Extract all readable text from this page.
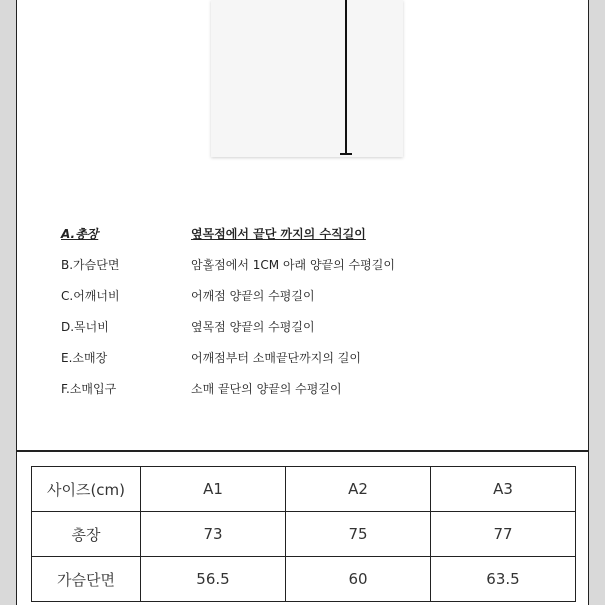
A.총장	옆목점에서 끝단 까지의 수직길이
B.가슴단면	암홀점에서 1CM 아래 양끝의 수평길이
C.어깨너비	어깨점 양끝의 수평길이
D.목너비	옆목점 양끝의 수평길이
E.소매장	어깨점부터 소매끝단까지의 길이
F.소매입구	소매 끝단의 양끝의 수평길이
사이즈(cm)	A1	A2	A3
총장	73	75	77
가슴단면	56.5	60	63.5
